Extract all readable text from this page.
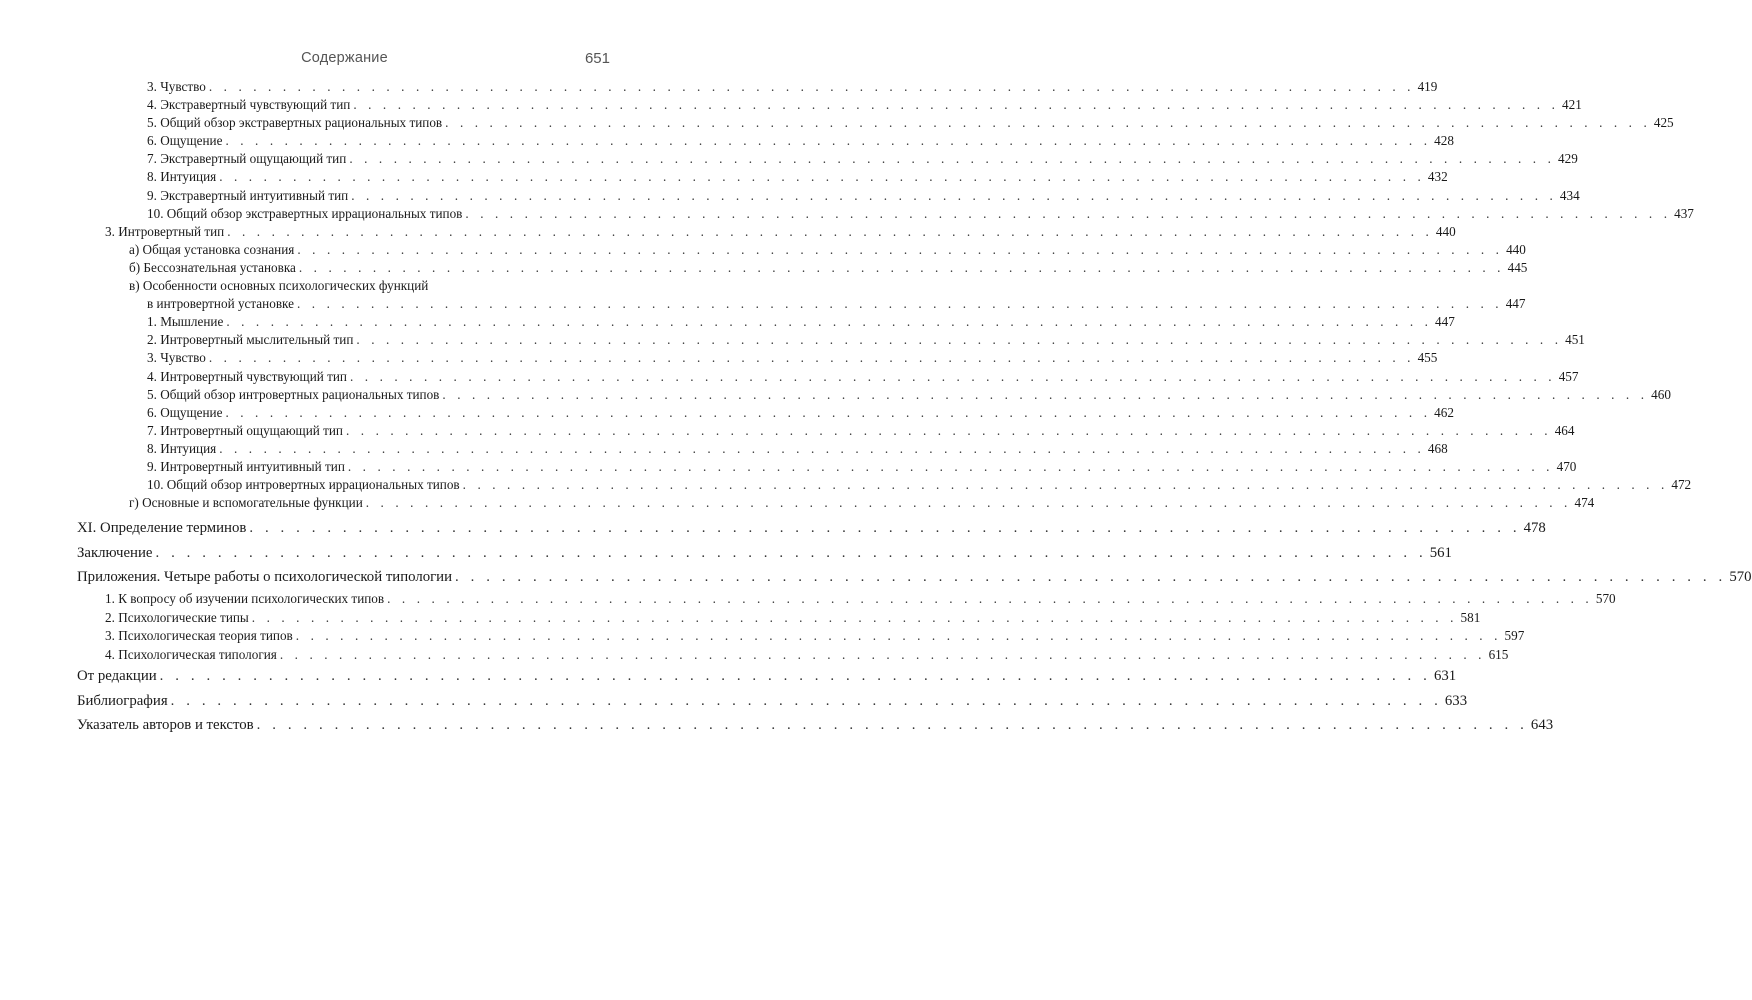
Содержание	651
3. Чувство . . . . . . . . . . . . . . . . . . . . . . . . . . . . . . . . . . . . . . . . . . . . . . . . . . . . . . . . . . . . . . . . . . . . . . . . . . . . . . . . . . 419
4. Экстравертный чувствующий тип . . . . . . . . . . . . . . . . . . . . . . . . . . . . . . . . . . . . . . . . . . . . . . . . . . . . . . . . . . . . . . . . . . . . . . . . . . . . . . . . . . 421
5. Общий обзор экстравертных рациональных типов . . . . . . . . . . . . . . . . . . . . . . . . . . . . . . . . . . . . . . . . . . . . . . . . . . . . . . . . . . . . . . . . . . . . . . . . . . . . . . . . . . 425
6. Ощущение . . . . . . . . . . . . . . . . . . . . . . . . . . . . . . . . . . . . . . . . . . . . . . . . . . . . . . . . . . . . . . . . . . . . . . . . . . . . . . . . . . 428
7. Экстравертный ощущающий тип . . . . . . . . . . . . . . . . . . . . . . . . . . . . . . . . . . . . . . . . . . . . . . . . . . . . . . . . . . . . . . . . . . . . . . . . . . . . . . . . . . 429
8. Интуиция . . . . . . . . . . . . . . . . . . . . . . . . . . . . . . . . . . . . . . . . . . . . . . . . . . . . . . . . . . . . . . . . . . . . . . . . . . . . . . . . . . 432
9. Экстравертный интуитивный тип . . . . . . . . . . . . . . . . . . . . . . . . . . . . . . . . . . . . . . . . . . . . . . . . . . . . . . . . . . . . . . . . . . . . . . . . . . . . . . . . . . 434
10. Общий обзор экстравертных иррациональных типов . . . . . . . . . . . . . . . . . . . . . . . . . . . . . . . . . . . . . . . . . . . . . . . . . . . . . . . . . . . . . . . . . . . . . . . . . . . . . . . . . . 437
3. Интровертный тип . . . . . . . . . . . . . . . . . . . . . . . . . . . . . . . . . . . . . . . . . . . . . . . . . . . . . . . . . . . . . . . . . . . . . . . . . . . . . . . . . . 440
а) Общая установка сознания . . . . . . . . . . . . . . . . . . . . . . . . . . . . . . . . . . . . . . . . . . . . . . . . . . . . . . . . . . . . . . . . . . . . . . . . . . . . . . . . . . 440
б) Бессознательная установка . . . . . . . . . . . . . . . . . . . . . . . . . . . . . . . . . . . . . . . . . . . . . . . . . . . . . . . . . . . . . . . . . . . . . . . . . . . . . . . . . . 445
в) Особенности основных психологических функций
в интровертной установке . . . . . . . . . . . . . . . . . . . . . . . . . . . . . . . . . . . . . . . . . . . . . . . . . . . . . . . . . . . . . . . . . . . . . . . . . . . . . . . . . . 447
1. Мышление . . . . . . . . . . . . . . . . . . . . . . . . . . . . . . . . . . . . . . . . . . . . . . . . . . . . . . . . . . . . . . . . . . . . . . . . . . . . . . . . . . 447
2. Интровертный мыслительный тип . . . . . . . . . . . . . . . . . . . . . . . . . . . . . . . . . . . . . . . . . . . . . . . . . . . . . . . . . . . . . . . . . . . . . . . . . . . . . . . . . . 451
3. Чувство . . . . . . . . . . . . . . . . . . . . . . . . . . . . . . . . . . . . . . . . . . . . . . . . . . . . . . . . . . . . . . . . . . . . . . . . . . . . . . . . . . 455
4. Интровертный чувствующий тип . . . . . . . . . . . . . . . . . . . . . . . . . . . . . . . . . . . . . . . . . . . . . . . . . . . . . . . . . . . . . . . . . . . . . . . . . . . . . . . . . . 457
5. Общий обзор интровертных рациональных типов . . . . . . . . . . . . . . . . . . . . . . . . . . . . . . . . . . . . . . . . . . . . . . . . . . . . . . . . . . . . . . . . . . . . . . . . . . . . . . . . . . 460
6. Ощущение . . . . . . . . . . . . . . . . . . . . . . . . . . . . . . . . . . . . . . . . . . . . . . . . . . . . . . . . . . . . . . . . . . . . . . . . . . . . . . . . . . 462
7. Интровертный ощущающий тип . . . . . . . . . . . . . . . . . . . . . . . . . . . . . . . . . . . . . . . . . . . . . . . . . . . . . . . . . . . . . . . . . . . . . . . . . . . . . . . . . . 464
8. Интуиция . . . . . . . . . . . . . . . . . . . . . . . . . . . . . . . . . . . . . . . . . . . . . . . . . . . . . . . . . . . . . . . . . . . . . . . . . . . . . . . . . . 468
9. Интровертный интуитивный тип . . . . . . . . . . . . . . . . . . . . . . . . . . . . . . . . . . . . . . . . . . . . . . . . . . . . . . . . . . . . . . . . . . . . . . . . . . . . . . . . . . 470
10. Общий обзор интровертных иррациональных типов . . . . . . . . . . . . . . . . . . . . . . . . . . . . . . . . . . . . . . . . . . . . . . . . . . . . . . . . . . . . . . . . . . . . . . . . . . . . . . . . . . 472
г) Основные и вспомогательные функции . . . . . . . . . . . . . . . . . . . . . . . . . . . . . . . . . . . . . . . . . . . . . . . . . . . . . . . . . . . . . . . . . . . . . . . . . . . . . . . . . . 474
XI. Определение терминов . . . . . . . . . . . . . . . . . . . . . . . . . . . . . . . . . . . . . . . . . . . . . . . . . . . . . . . . . . . . . . . . . . . . . . . . . . . . . . . . . . 478
Заключение . . . . . . . . . . . . . . . . . . . . . . . . . . . . . . . . . . . . . . . . . . . . . . . . . . . . . . . . . . . . . . . . . . . . . . . . . . . . . . . . . . 561
Приложения. Четыре работы о психологической типологии . . . . . . . . . . . . . . . . . . . . . . . . . . . . . . . . . . . . . . . . . . . . . . . . . . . . . . . . . . . . . . . . . . . . . . . . . . . . . . . . . . 570
1. К вопросу об изучении психологических типов . . . . . . . . . . . . . . . . . . . . . . . . . . . . . . . . . . . . . . . . . . . . . . . . . . . . . . . . . . . . . . . . . . . . . . . . . . . . . . . . . . 570
2. Психологические типы . . . . . . . . . . . . . . . . . . . . . . . . . . . . . . . . . . . . . . . . . . . . . . . . . . . . . . . . . . . . . . . . . . . . . . . . . . . . . . . . . . 581
3. Психологическая теория типов . . . . . . . . . . . . . . . . . . . . . . . . . . . . . . . . . . . . . . . . . . . . . . . . . . . . . . . . . . . . . . . . . . . . . . . . . . . . . . . . . . 597
4. Психологическая типология . . . . . . . . . . . . . . . . . . . . . . . . . . . . . . . . . . . . . . . . . . . . . . . . . . . . . . . . . . . . . . . . . . . . . . . . . . . . . . . . . . 615
От редакции . . . . . . . . . . . . . . . . . . . . . . . . . . . . . . . . . . . . . . . . . . . . . . . . . . . . . . . . . . . . . . . . . . . . . . . . . . . . . . . . . . 631
Библиография . . . . . . . . . . . . . . . . . . . . . . . . . . . . . . . . . . . . . . . . . . . . . . . . . . . . . . . . . . . . . . . . . . . . . . . . . . . . . . . . . . 633
Указатель авторов и текстов . . . . . . . . . . . . . . . . . . . . . . . . . . . . . . . . . . . . . . . . . . . . . . . . . . . . . . . . . . . . . . . . . . . . . . . . . . . . . . . . . . 643
